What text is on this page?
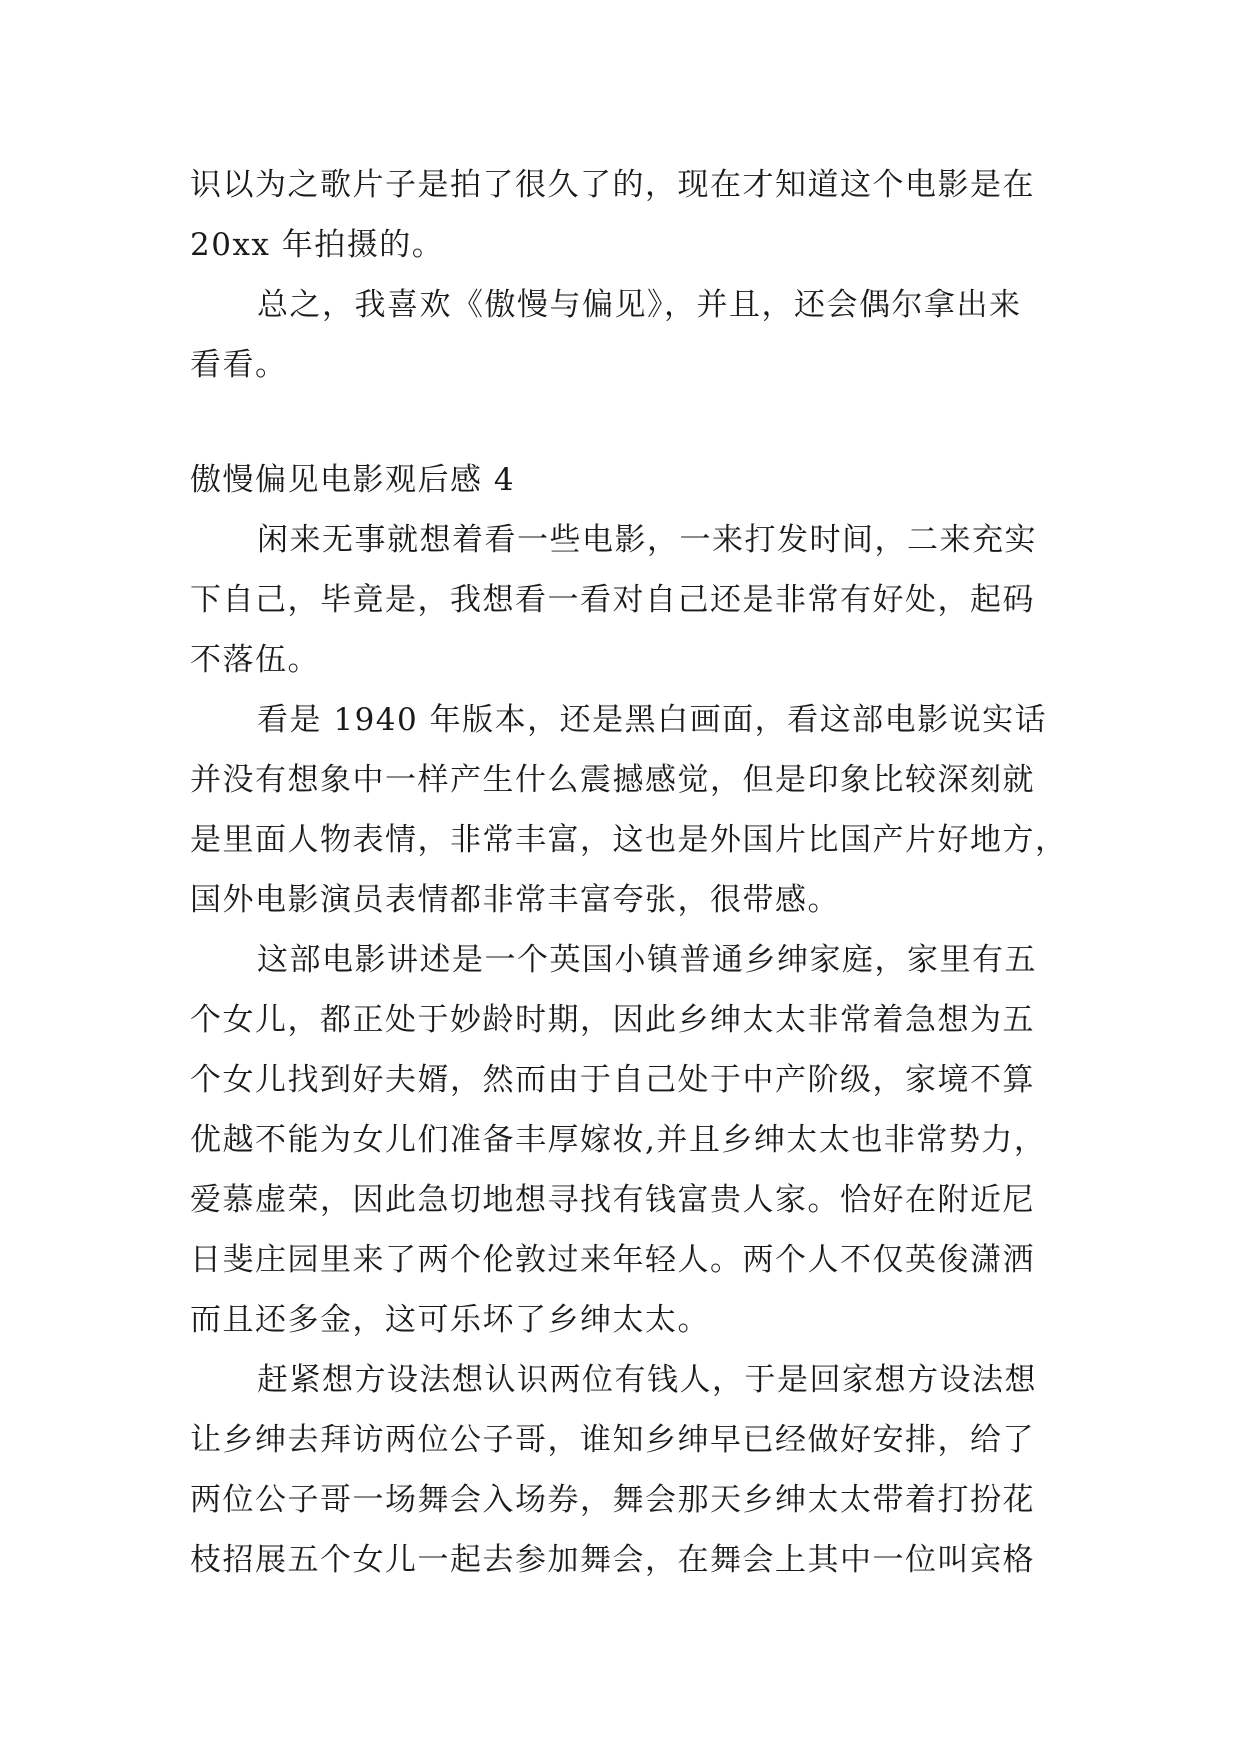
识以为之歌片子是拍了很久了的，现在才知道这个电影是在
20xx 年拍摄的。
总之，我喜欢《傲慢与偏见》，并且，还会偶尔拿出来
看看。
傲慢偏见电影观后感 4
闲来无事就想着看一些电影，一来打发时间，二来充实
下自己，毕竟是，我想看一看对自己还是非常有好处，起码
不落伍。
看是 1940 年版本，还是黑白画面，看这部电影说实话
并没有想象中一样产生什么震撼感觉，但是印象比较深刻就
是里面人物表情，非常丰富，这也是外国片比国产片好地方，
国外电影演员表情都非常丰富夸张，很带感。
这部电影讲述是一个英国小镇普通乡绅家庭，家里有五
个女儿，都正处于妙龄时期，因此乡绅太太非常着急想为五
个女儿找到好夫婿，然而由于自己处于中产阶级，家境不算
优越不能为女儿们准备丰厚嫁妆,并且乡绅太太也非常势力，
爱慕虚荣，因此急切地想寻找有钱富贵人家。恰好在附近尼
日斐庄园里来了两个伦敦过来年轻人。两个人不仅英俊潇洒
而且还多金，这可乐坏了乡绅太太。
赶紧想方设法想认识两位有钱人，于是回家想方设法想
让乡绅去拜访两位公子哥，谁知乡绅早已经做好安排，给了
两位公子哥一场舞会入场券，舞会那天乡绅太太带着打扮花
枝招展五个女儿一起去参加舞会，在舞会上其中一位叫宾格
